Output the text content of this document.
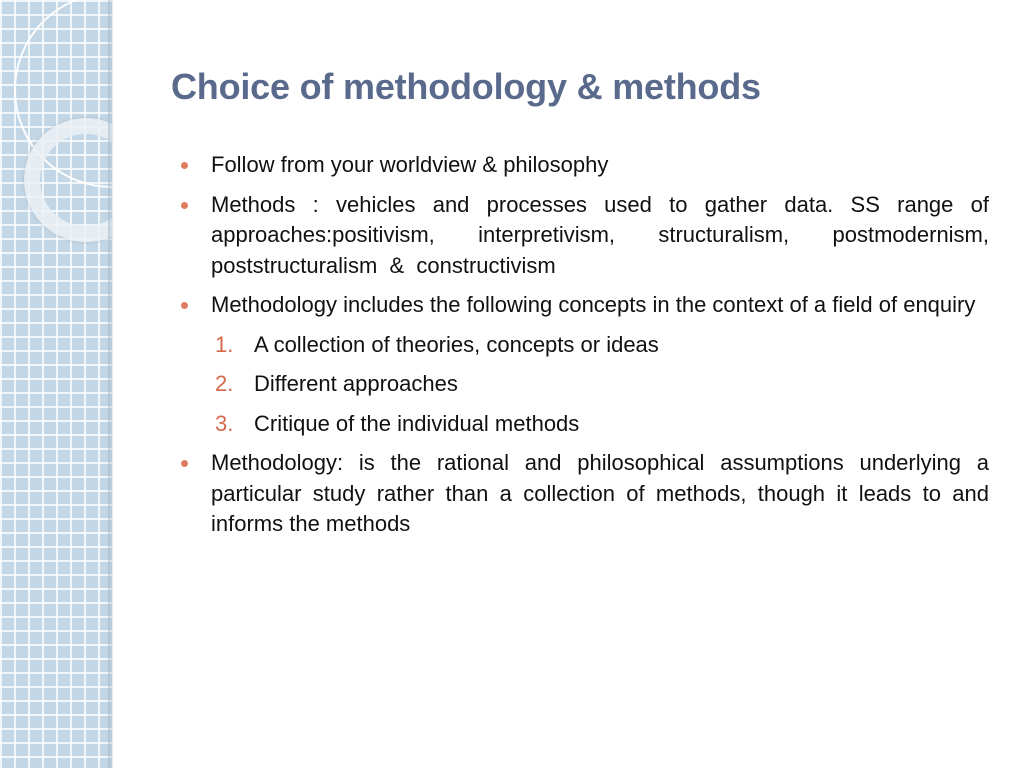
Choice of methodology & methods
Follow from your worldview & philosophy
Methods : vehicles and processes used to gather data. SS range of approaches:positivism, interpretivism, structuralism, postmodernism, poststructuralism  &  constructivism
Methodology includes the following concepts in the context of a field of enquiry
1. A collection of theories, concepts or ideas
2. Different approaches
3. Critique of the individual methods
Methodology: is the rational and philosophical assumptions underlying a particular study rather than a collection of methods, though it leads to and informs the methods
